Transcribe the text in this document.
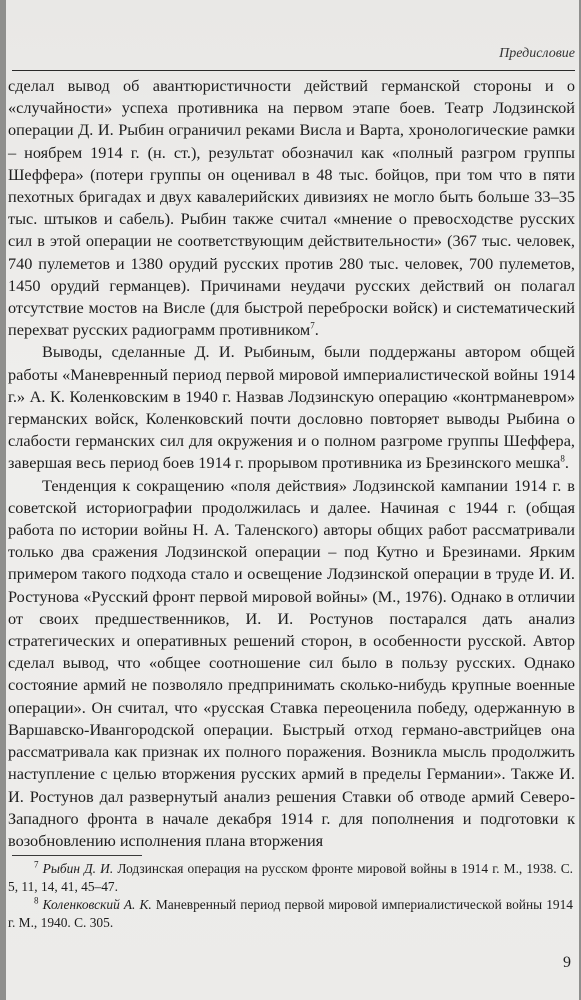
Предисловие

сделал вывод об авантюристичности действий германской стороны и о «случайности» успеха противника на первом этапе боев. Театр Лодзинской операции Д. И. Рыбин ограничил реками Висла и Варта, хронологические рамки – ноябрем 1914 г. (н. ст.), результат обозначил как «полный разгром группы Шеффера» (потери группы он оценивал в 48 тыс. бойцов, при том что в пяти пехотных бригадах и двух кавалерийских дивизиях не могло быть больше 33–35 тыс. штыков и сабель). Рыбин также считал «мнение о превосходстве русских сил в этой операции не соответствующим действительности» (367 тыс. человек, 740 пулеметов и 1380 орудий русских против 280 тыс. человек, 700 пулеметов, 1450 орудий германцев). Причинами неудачи русских действий он полагал отсутствие мостов на Висле (для быстрой переброски войск) и систематический перехват русских радиограмм противником$^7$.

Выводы, сделанные Д. И. Рыбиным, были поддержаны автором общей работы «Маневренный период первой мировой империалистической войны 1914 г.» А. К. Коленковским в 1940 г. Назвав Лодзинскую операцию «контрманевром» германских войск, Коленковский почти дословно повторяет выводы Рыбина о слабости германских сил для окружения и о полном разгроме группы Шеффера, завершая весь период боев 1914 г. прорывом противника из Брезинского мешка$^8$.

Тенденция к сокращению «поля действия» Лодзинской кампании 1914 г. в советской историографии продолжилась и далее. Начиная с 1944 г. (общая работа по истории войны Н. А. Таленского) авторы общих работ рассматривали только два сражения Лодзинской операции – под Кутно и Брезинами. Ярким примером такого подхода стало и освещение Лодзинской операции в труде И. И. Ростунова «Русский фронт первой мировой войны» (М., 1976). Однако в отличии от своих предшественников, И. И. Ростунов постарался дать анализ стратегических и оперативных решений сторон, в особенности русской. Автор сделал вывод, что «общее соотношение сил было в пользу русских. Однако состояние армий не позволяло предпринимать сколько-нибудь крупные военные операции». Он считал, что «русская Ставка переоценила победу, одержанную в Варшавско-Ивангородской операции. Быстрый отход германо-австрийцев она рассматривала как признак их полного поражения. Возникла мысль продолжить наступление с целью вторжения русских армий в пределы Германии». Также И. И. Ростунов дал развернутый анализ решения Ставки об отводе армий Северо-Западного фронта в начале декабря 1914 г. для пополнения и подготовки к возобновлению исполнения плана вторжения

$^7$ Рыбин Д. И. Лодзинская операция на русском фронте мировой войны в 1914 г. М., 1938. С. 5, 11, 14, 41, 45–47.

$^8$ Коленковский А. К. Маневренный период первой мировой империалистической войны 1914 г. М., 1940. С. 305.

9
